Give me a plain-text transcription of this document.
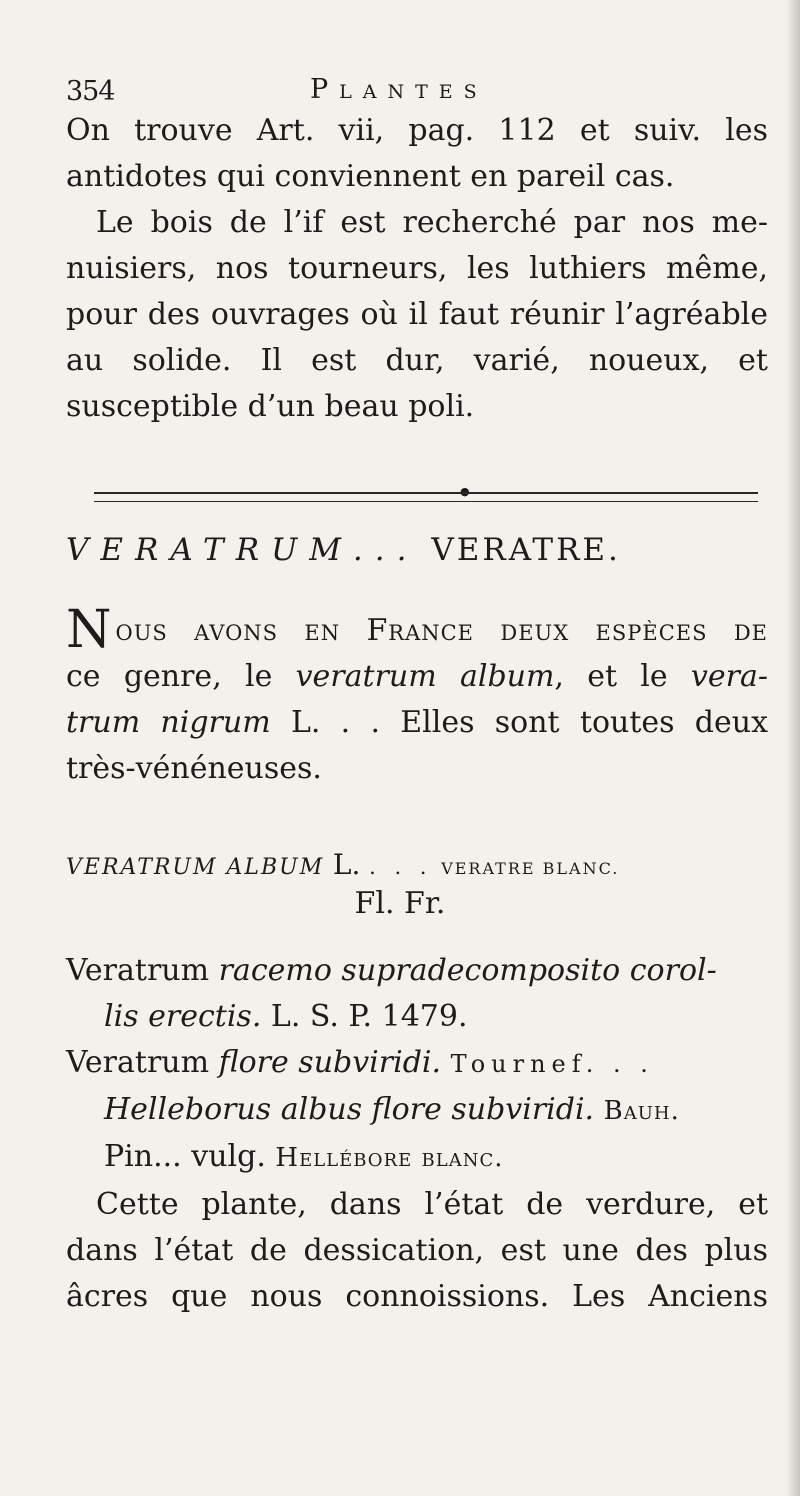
354	Plantes

On trouve Art. vii, pag. 112 et suiv. les

antidotes qui conviennent en pareil cas.

Le bois de l’if est recherché par nos me-

nuisiers, nos tourneurs, les luthiers même,

pour des ouvrages où il faut réunir l’agréable

au solide. Il est dur, varié, noueux, et

susceptible d’un beau poli.

VERATRUM... VERATRE.

Nous avons en France deux espèces de

ce genre, le veratrum album, et le vera-

trum nigrum L. . . Elles sont toutes deux

très-vénéneuses.

VERATRUM ALBUM L. . . . VERATRE BLANC.
Fl. Fr.

Veratrum racemo supradecomposito corol-

lis erectis. L. S. P. 1479.

Veratrum flore subviridi. Tournef. . .

Helleborus albus flore subviridi. Bauh.

Pin... vulg. Hellébore blanc.

Cette plante, dans l’état de verdure, et

dans l’état de dessication, est une des plus

âcres que nous connoissions. Les Anciens
